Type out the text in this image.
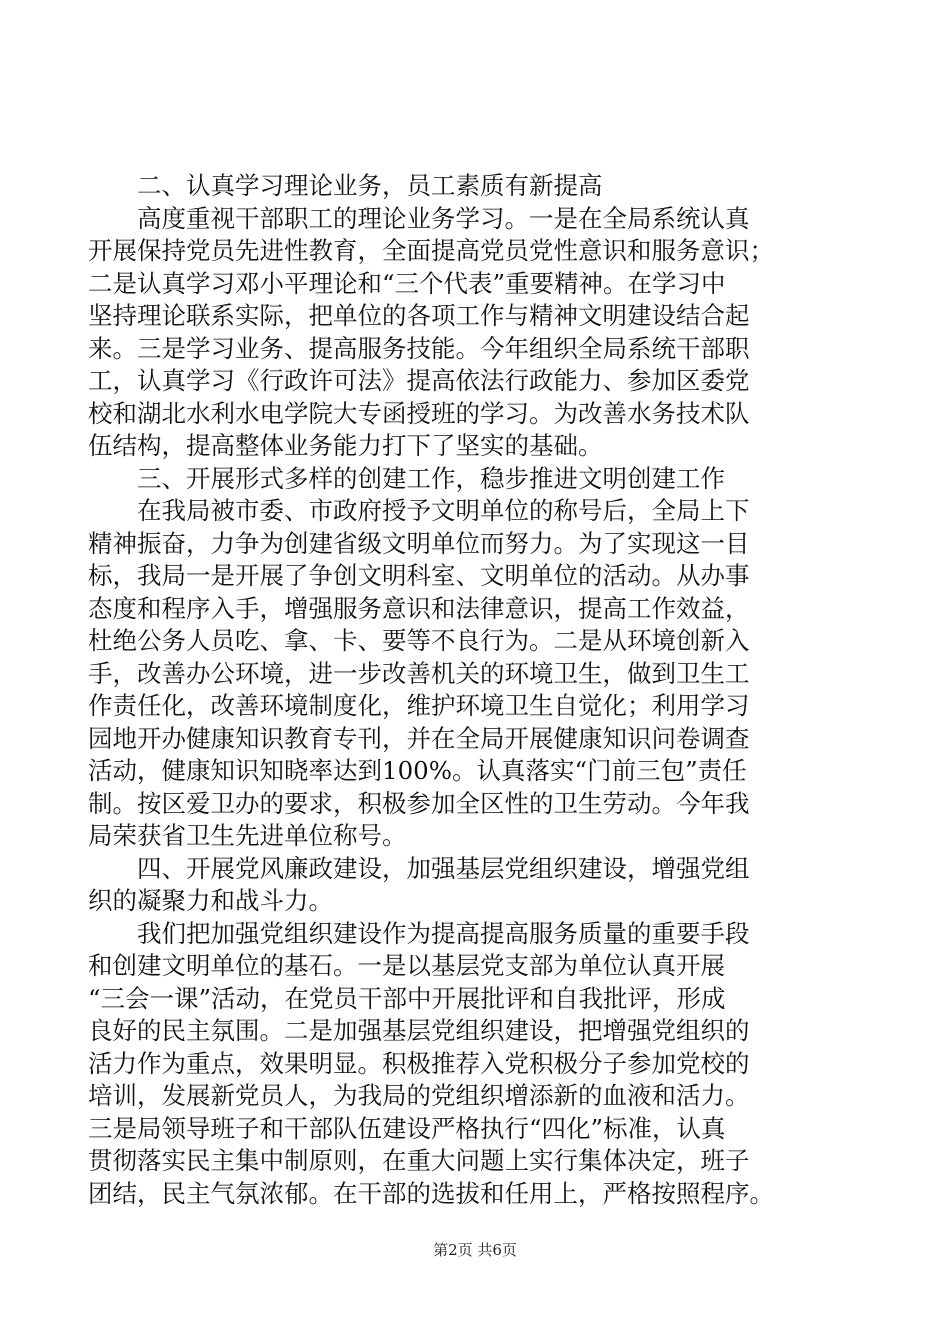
二、认真学习理论业务，员工素质有新提高
高度重视干部职工的理论业务学习。一是在全局系统认真
开展保持党员先进性教育，全面提高党员党性意识和服务意识；
二是认真学习邓小平理论和“三个代表”重要精神。在学习中
坚持理论联系实际，把单位的各项工作与精神文明建设结合起
来。三是学习业务、提高服务技能。今年组织全局系统干部职
工，认真学习《行政许可法》提高依法行政能力、参加区委党
校和湖北水利水电学院大专函授班的学习。为改善水务技术队
伍结构，提高整体业务能力打下了坚实的基础。
三、开展形式多样的创建工作，稳步推进文明创建工作
在我局被市委、市政府授予文明单位的称号后，全局上下
精神振奋，力争为创建省级文明单位而努力。为了实现这一目
标，我局一是开展了争创文明科室、文明单位的活动。从办事
态度和程序入手，增强服务意识和法律意识，提高工作效益，
杜绝公务人员吃、拿、卡、要等不良行为。二是从环境创新入
手，改善办公环境，进一步改善机关的环境卫生，做到卫生工
作责任化，改善环境制度化，维护环境卫生自觉化；利用学习
园地开办健康知识教育专刊，并在全局开展健康知识问卷调查
活动，健康知识知晓率达到100%。认真落实“门前三包”责任
制。按区爱卫办的要求，积极参加全区性的卫生劳动。今年我
局荣获省卫生先进单位称号。
四、开展党风廉政建设，加强基层党组织建设，增强党组
织的凝聚力和战斗力。
我们把加强党组织建设作为提高提高服务质量的重要手段
和创建文明单位的基石。一是以基层党支部为单位认真开展
“三会一课”活动，在党员干部中开展批评和自我批评，形成
良好的民主氛围。二是加强基层党组织建设，把增强党组织的
活力作为重点，效果明显。积极推荐入党积极分子参加党校的
培训，发展新党员人，为我局的党组织增添新的血液和活力。
三是局领导班子和干部队伍建设严格执行“四化”标准，认真
贯彻落实民主集中制原则，在重大问题上实行集体决定，班子
团结，民主气氛浓郁。在干部的选拔和任用上，严格按照程序。
第2页 共6页
